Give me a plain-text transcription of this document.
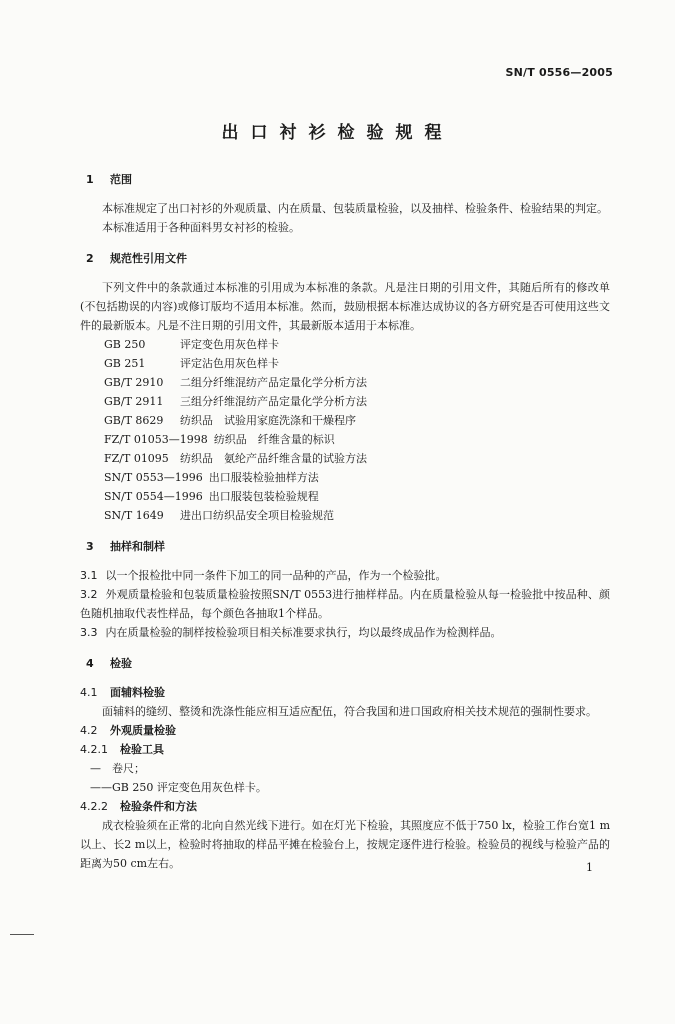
SN/T 0556—2005
出口衬衫检验规程
1 范围

本标准规定了出口衬衫的外观质量、内在质量、包装质量检验，以及抽样、检验条件、检验结果的判定。

本标准适用于各种面料男女衬衫的检验。

2 规范性引用文件

下列文件中的条款通过本标准的引用成为本标准的条款。凡是注日期的引用文件，其随后所有的修改单(不包括勘误的内容)或修订版均不适用本标准。然而，鼓励根据本标准达成协议的各方研究是否可使用这些文件的最新版本。凡是不注日期的引用文件，其最新版本适用于本标准。

GB 250	评定变色用灰色样卡
GB 251	评定沾色用灰色样卡
GB/T 2910 二组分纤维混纺产品定量化学分析方法
GB/T 2911 三组分纤维混纺产品定量化学分析方法
GB/T 8629 纺织品　试验用家庭洗涤和干燥程序
FZ/T 01053—1998 纺织品　纤维含量的标识
FZ/T 01095 纺织品　氨纶产品纤维含量的试验方法
SN/T 0553—1996 出口服装检验抽样方法
SN/T 0554—1996 出口服装包装检验规程
SN/T 1649 进出口纺织品安全项目检验规范
3 抽样和制样

3.1 以一个报检批中同一条件下加工的同一品种的产品，作为一个检验批。

3.2 外观质量检验和包装质量检验按照SN/T 0553进行抽样样品。内在质量检验从每一检验批中按品种、颜色随机抽取代表性样品，每个颜色各抽取1个样品。

3.3 内在质量检验的制样按检验项目相关标准要求执行，均以最终成品作为检测样品。

4 检验
4.1 面辅料检验

面辅料的缝纫、整烫和洗涤性能应相互适应配伍，符合我国和进口国政府相关技术规范的强制性要求。

4.2 外观质量检验
4.2.1 检验工具

—　卷尺；

——GB 250 评定变色用灰色样卡。

4.2.2 检验条件和方法

成衣检验须在正常的北向自然光线下进行。如在灯光下检验，其照度应不低于750 lx，检验工作台宽1 m以上、长2 m以上，检验时将抽取的样品平摊在检验台上，按规定逐件进行检验。检验员的视线与检验产品的距离为50 cm左右。	1
